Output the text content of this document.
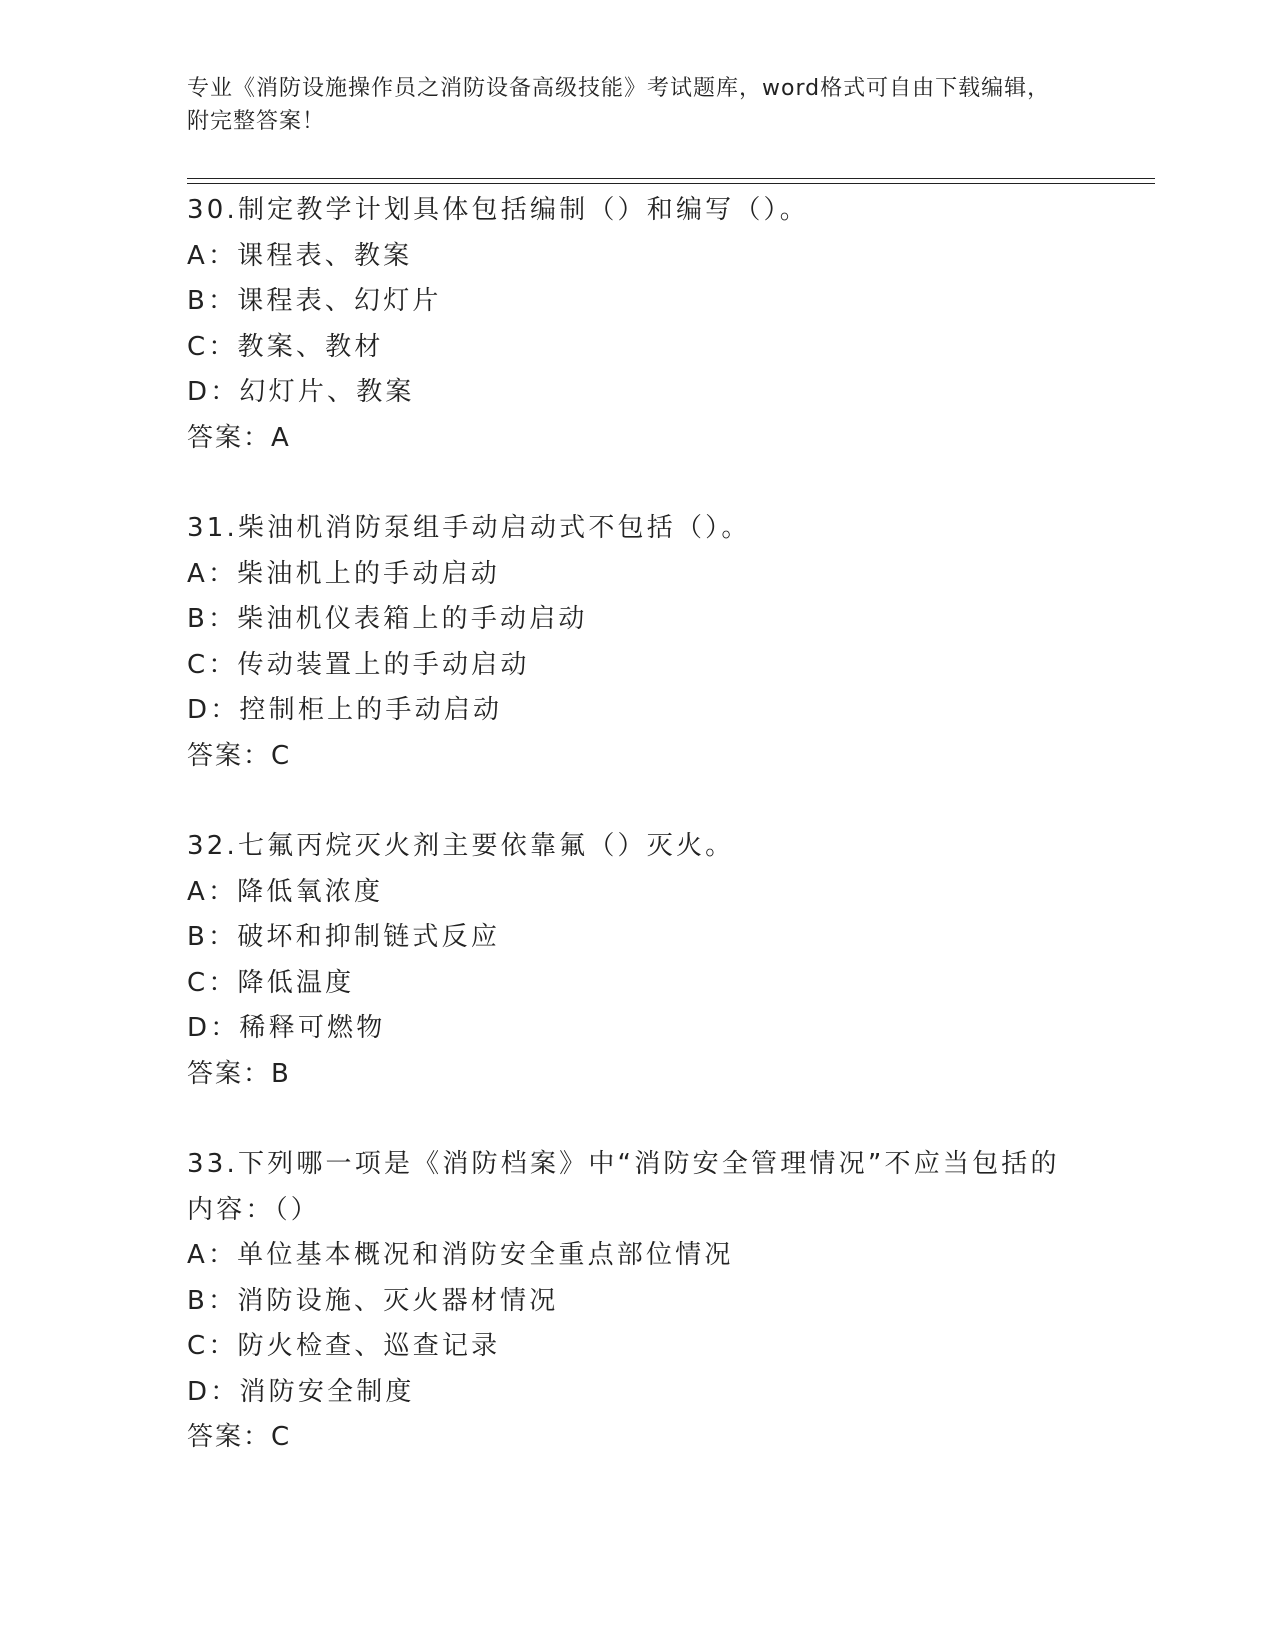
专业《消防设施操作员之消防设备高级技能》考试题库，word格式可自由下载编辑，附完整答案！
30.制定教学计划具体包括编制（）和编写（）。
A：课程表、教案
B：课程表、幻灯片
C：教案、教材
D：幻灯片、教案
答案：A
31.柴油机消防泵组手动启动式不包括（）。
A：柴油机上的手动启动
B：柴油机仪表箱上的手动启动
C：传动装置上的手动启动
D：控制柜上的手动启动
答案：C
32.七氟丙烷灭火剂主要依靠氟（）灭火。
A：降低氧浓度
B：破坏和抑制链式反应
C：降低温度
D：稀释可燃物
答案：B
33.下列哪一项是《消防档案》中“消防安全管理情况”不应当包括的内容：（）
A：单位基本概况和消防安全重点部位情况
B：消防设施、灭火器材情况
C：防火检查、巡查记录
D：消防安全制度
答案：C
